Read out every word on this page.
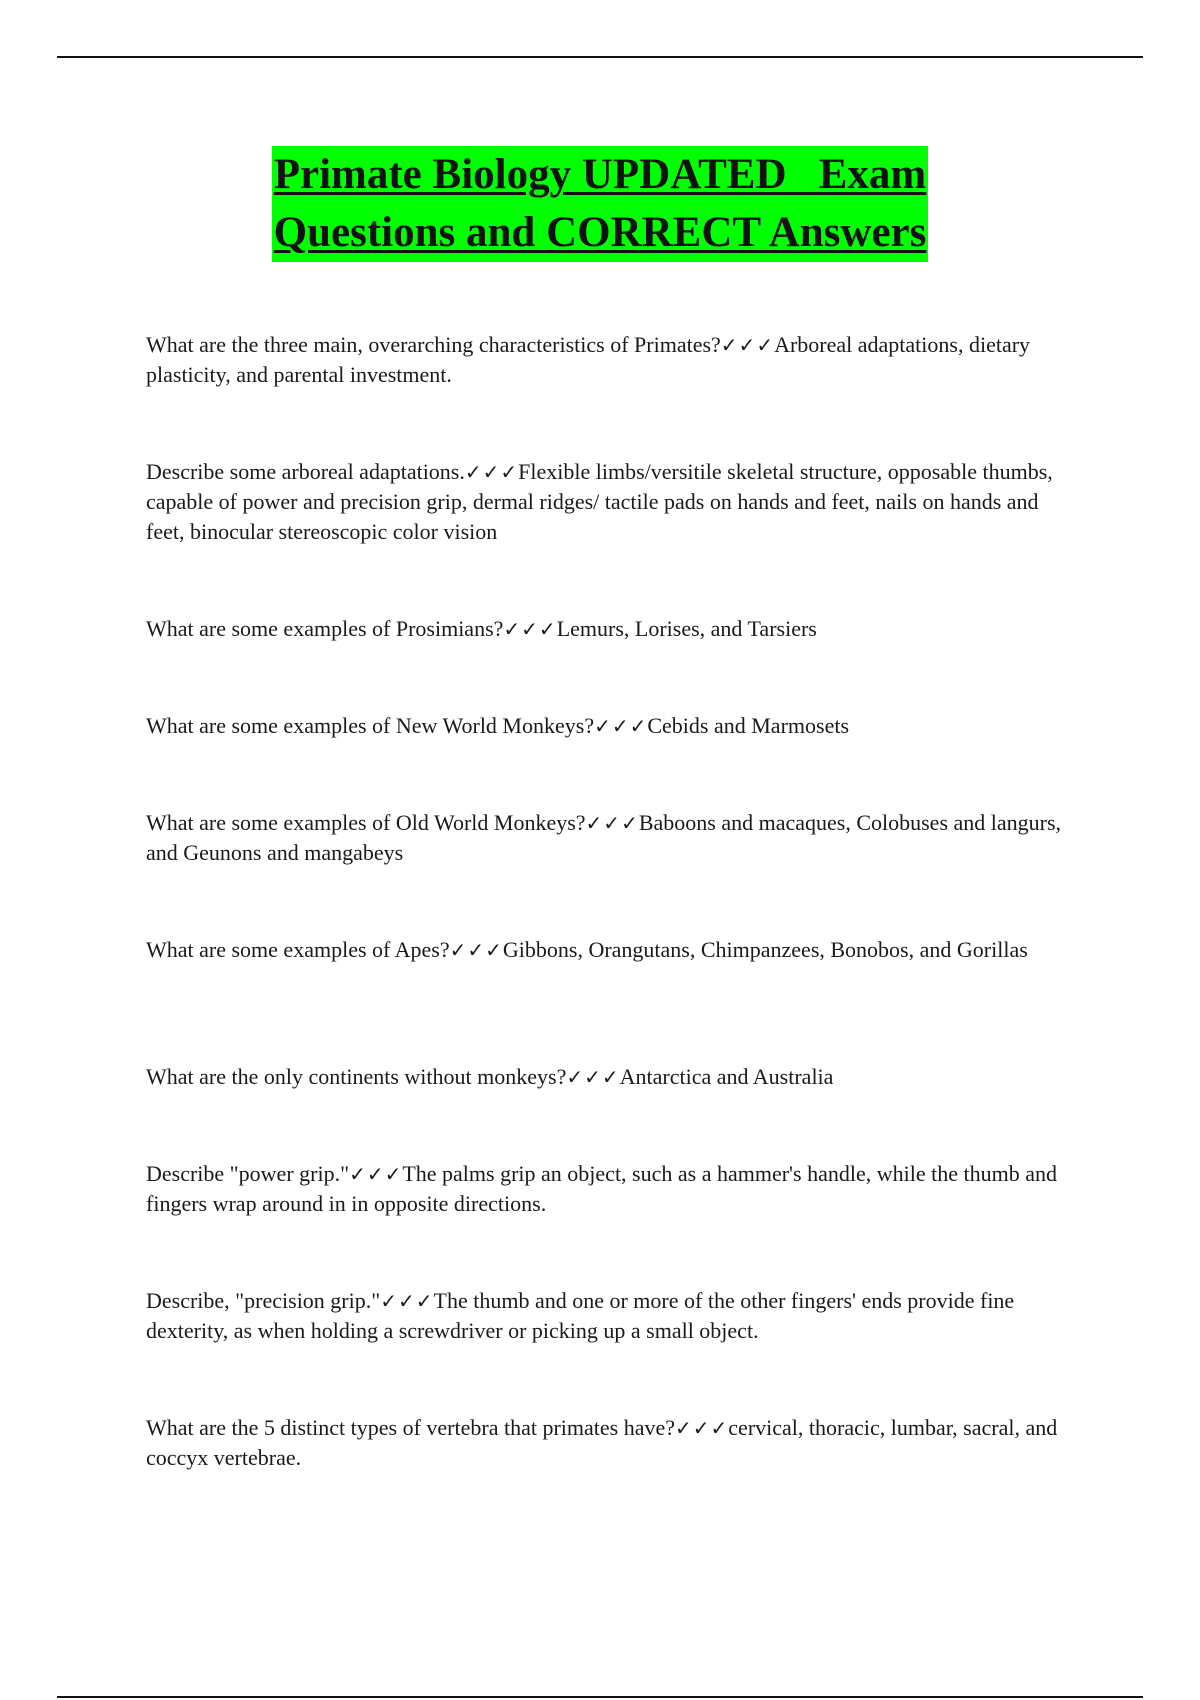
Primate Biology UPDATED   Exam
Questions and CORRECT Answers

What are the three main, overarching characteristics of Primates?✓✓✓Arboreal adaptations, dietary plasticity, and parental investment.

Describe some arboreal adaptations.✓✓✓Flexible limbs/versitile skeletal structure, opposable thumbs, capable of power and precision grip, dermal ridges/ tactile pads on hands and feet, nails on hands and feet, binocular stereoscopic color vision

What are some examples of Prosimians?✓✓✓Lemurs, Lorises, and Tarsiers

What are some examples of New World Monkeys?✓✓✓Cebids and Marmosets

What are some examples of Old World Monkeys?✓✓✓Baboons and macaques, Colobuses and langurs, and Geunons and mangabeys

What are some examples of Apes?✓✓✓Gibbons, Orangutans, Chimpanzees, Bonobos, and Gorillas

What are the only continents without monkeys?✓✓✓Antarctica and Australia

Describe "power grip."✓✓✓The palms grip an object, such as a hammer's handle, while the thumb and fingers wrap around in in opposite directions.

Describe, "precision grip."✓✓✓The thumb and one or more of the other fingers' ends provide fine dexterity, as when holding a screwdriver or picking up a small object.

What are the 5 distinct types of vertebra that primates have?✓✓✓cervical, thoracic, lumbar, sacral, and coccyx vertebrae.
